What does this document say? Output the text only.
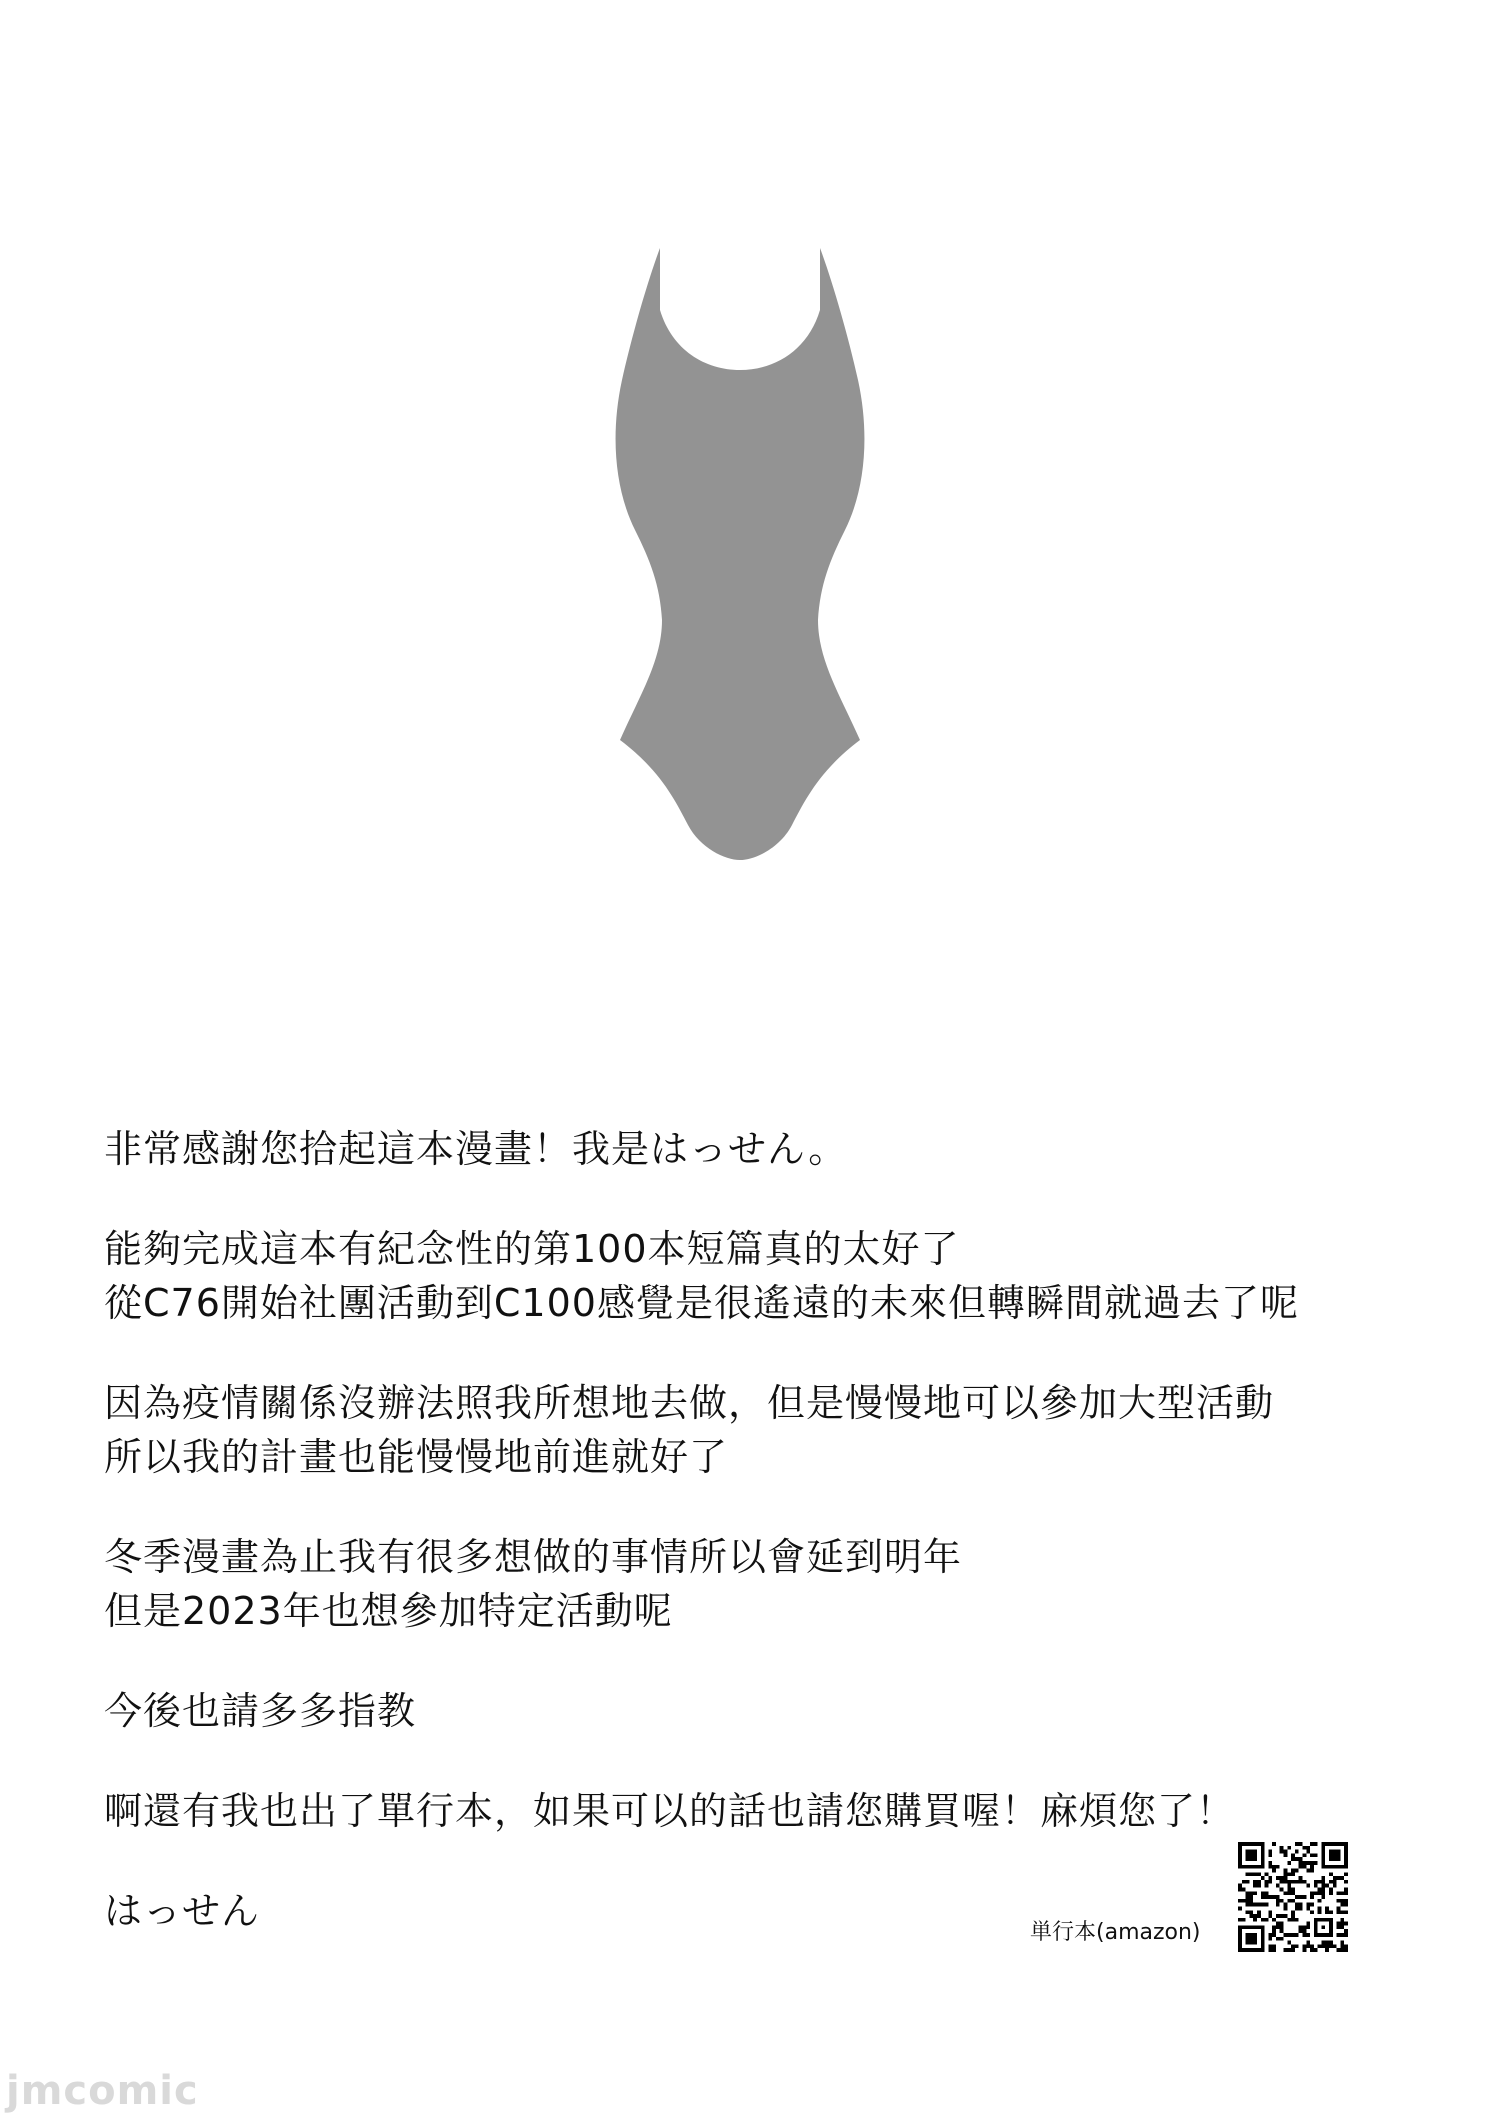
非常感謝您拾起這本漫畫！我是はっせん。
能夠完成這本有紀念性的第100本短篇真的太好了
從C76開始社團活動到C100感覺是很遙遠的未來但轉瞬間就過去了呢
因為疫情關係沒辦法照我所想地去做，但是慢慢地可以參加大型活動
所以我的計畫也能慢慢地前進就好了
冬季漫畫為止我有很多想做的事情所以會延到明年
但是2023年也想參加特定活動呢
今後也請多多指教
啊還有我也出了單行本，如果可以的話也請您購買喔！麻煩您了！
はっせん	単行本(amazon)
jmcomic
